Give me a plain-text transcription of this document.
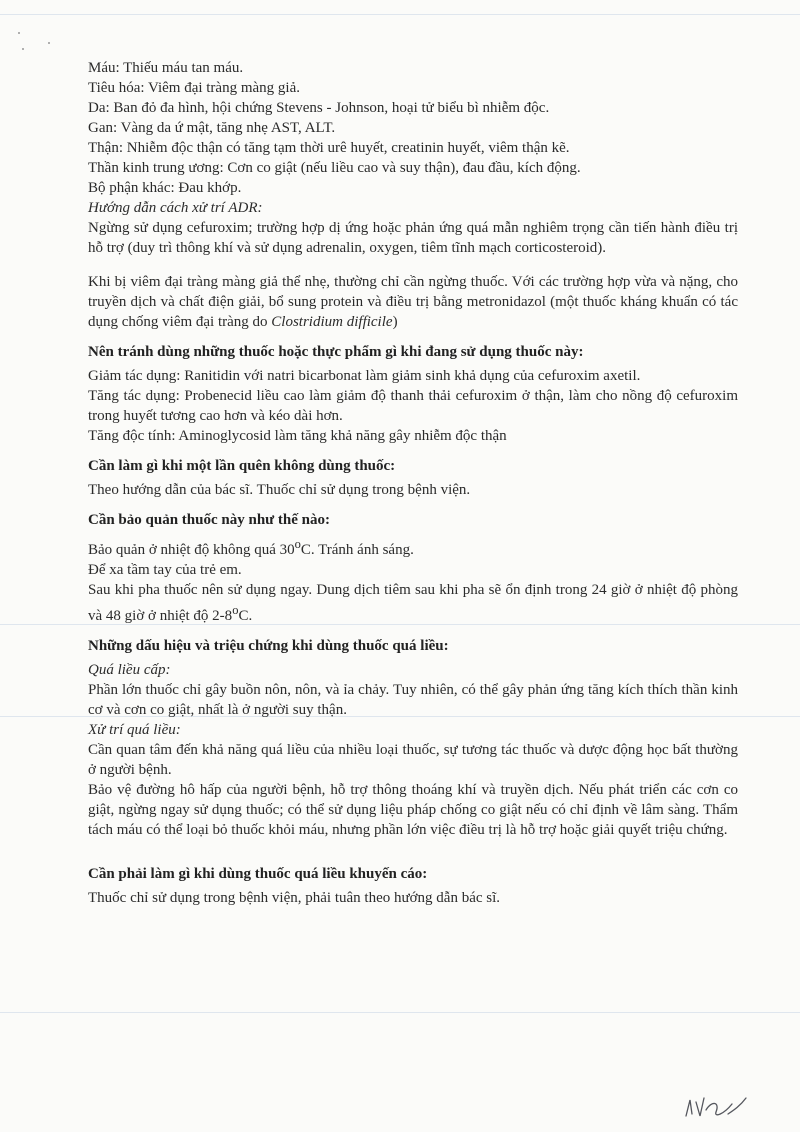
Máu: Thiếu máu tan máu.

Tiêu hóa: Viêm đại tràng màng giả.

Da: Ban đỏ đa hình, hội chứng Stevens - Johnson, hoại tử biểu bì nhiễm độc.

Gan: Vàng da ứ mật, tăng nhẹ AST, ALT.

Thận: Nhiễm độc thận có tăng tạm thời urê huyết, creatinin huyết, viêm thận kẽ.

Thần kinh trung ương: Cơn co giật (nếu liều cao và suy thận), đau đầu, kích động.

Bộ phận khác: Đau khớp.

Hướng dẫn cách xử trí ADR:

Ngừng sử dụng cefuroxim; trường hợp dị ứng hoặc phản ứng quá mẫn nghiêm trọng cần tiến hành điều trị hỗ trợ (duy trì thông khí và sử dụng adrenalin, oxygen, tiêm tĩnh mạch corticosteroid).

Khi bị viêm đại tràng màng giả thể nhẹ, thường chỉ cần ngừng thuốc. Với các trường hợp vừa và nặng, cho truyền dịch và chất điện giải, bổ sung protein và điều trị bằng metronidazol (một thuốc kháng khuẩn có tác dụng chống viêm đại tràng do Clostridium difficile)

Nên tránh dùng những thuốc hoặc thực phẩm gì khi đang sử dụng thuốc này:

Giảm tác dụng: Ranitidin với natri bicarbonat làm giảm sinh khả dụng của cefuroxim axetil.

Tăng tác dụng: Probenecid liều cao làm giảm độ thanh thải cefuroxim ở thận, làm cho nồng độ cefuroxim trong huyết tương cao hơn và kéo dài hơn.

Tăng độc tính: Aminoglycosid làm tăng khả năng gây nhiễm độc thận

Cần làm gì khi một lần quên không dùng thuốc:

Theo hướng dẫn của bác sĩ. Thuốc chỉ sử dụng trong bệnh viện.

Cần bảo quản thuốc này như thế nào:

Bảo quản ở nhiệt độ không quá 30$^o$C. Tránh ánh sáng.

Để xa tầm tay của trẻ em.

Sau khi pha thuốc nên sử dụng ngay. Dung dịch tiêm sau khi pha sẽ ổn định trong 24 giờ ở nhiệt độ phòng và 48 giờ ở nhiệt độ 2-8$^o$C.

Những dấu hiệu và triệu chứng khi dùng thuốc quá liều:

Quá liều cấp:

Phần lớn thuốc chỉ gây buồn nôn, nôn, và ỉa chảy. Tuy nhiên, có thể gây phản ứng tăng kích thích thần kinh cơ và cơn co giật, nhất là ở người suy thận.

Xử trí quá liều:

Cần quan tâm đến khả năng quá liều của nhiều loại thuốc, sự tương tác thuốc và dược động học bất thường ở người bệnh.

Bảo vệ đường hô hấp của người bệnh, hỗ trợ thông thoáng khí và truyền dịch. Nếu phát triển các cơn co giật, ngừng ngay sử dụng thuốc; có thể sử dụng liệu pháp chống co giật nếu có chỉ định về lâm sàng. Thẩm tách máu có thể loại bỏ thuốc khỏi máu, nhưng phần lớn việc điều trị là hỗ trợ hoặc giải quyết triệu chứng.

Cần phải làm gì khi dùng thuốc quá liều khuyến cáo:

Thuốc chỉ sử dụng trong bệnh viện, phải tuân theo hướng dẫn bác sĩ.
